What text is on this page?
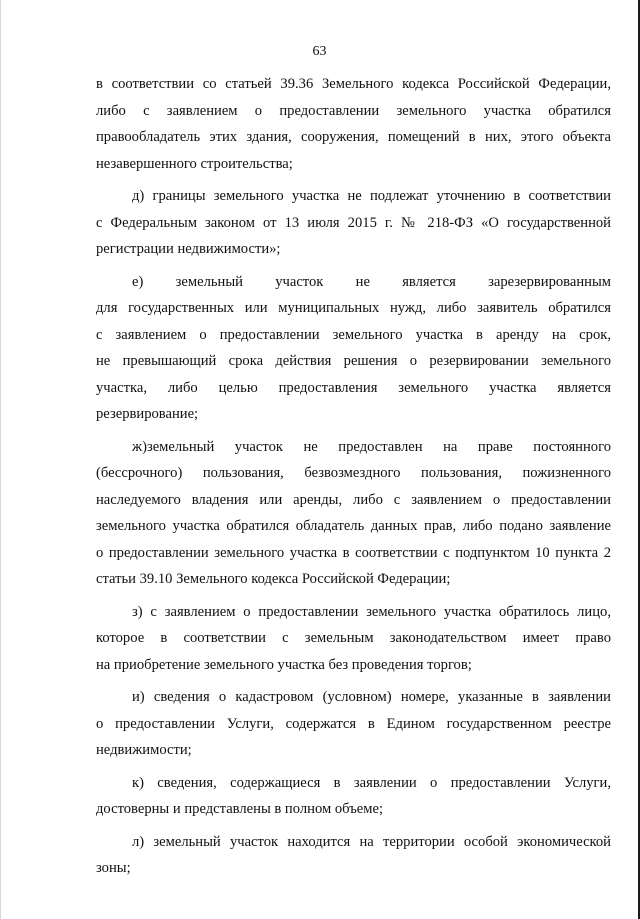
63
в соответствии со статьей 39.36 Земельного кодекса Российской Федерации,
либо с заявлением о предоставлении земельного участка обратился
правообладатель этих здания, сооружения, помещений в них, этого объекта
незавершенного строительства;
д) границы земельного участка не подлежат уточнению в соответствии
с Федеральным законом от 13 июля 2015 г. № 218-ФЗ «О государственной
регистрации недвижимости»;
е) земельный участок не является зарезервированным
для государственных или муниципальных нужд, либо заявитель обратился
с заявлением о предоставлении земельного участка в аренду на срок,
не превышающий срока действия решения о резервировании земельного
участка, либо целью предоставления земельного участка является
резервирование;
ж)земельный участок не предоставлен на праве постоянного
(бессрочного) пользования, безвозмездного пользования, пожизненного
наследуемого владения или аренды, либо с заявлением о предоставлении
земельного участка обратился обладатель данных прав, либо подано заявление
о предоставлении земельного участка в соответствии с подпунктом 10 пункта 2
статьи 39.10 Земельного кодекса Российской Федерации;
з) с заявлением о предоставлении земельного участка обратилось лицо,
которое в соответствии с земельным законодательством имеет право
на приобретение земельного участка без проведения торгов;
и) сведения о кадастровом (условном) номере, указанные в заявлении
о предоставлении Услуги, содержатся в Едином государственном реестре
недвижимости;
к) сведения, содержащиеся в заявлении о предоставлении Услуги,
достоверны и представлены в полном объеме;
л) земельный участок находится на территории особой экономической
зоны;
